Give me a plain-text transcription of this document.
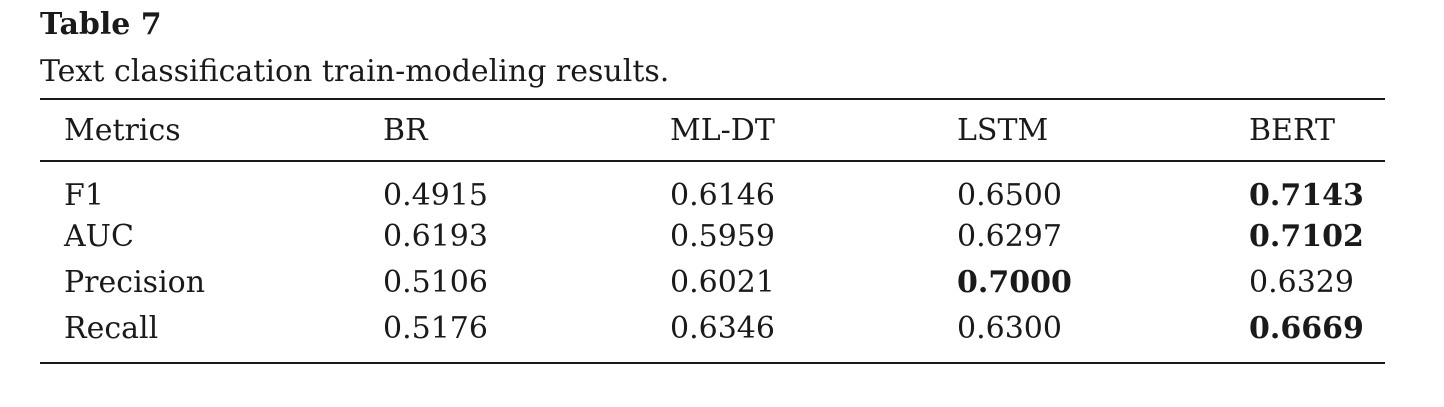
Table 7
Text classification train-modeling results.
Metrics	BR	ML-DT	LSTM	BERT
F1	0.4915	0.6146	0.6500	0.7143
AUC	0.6193	0.5959	0.6297	0.7102
Precision	0.5106	0.6021	0.7000	0.6329
Recall	0.5176	0.6346	0.6300	0.6669
